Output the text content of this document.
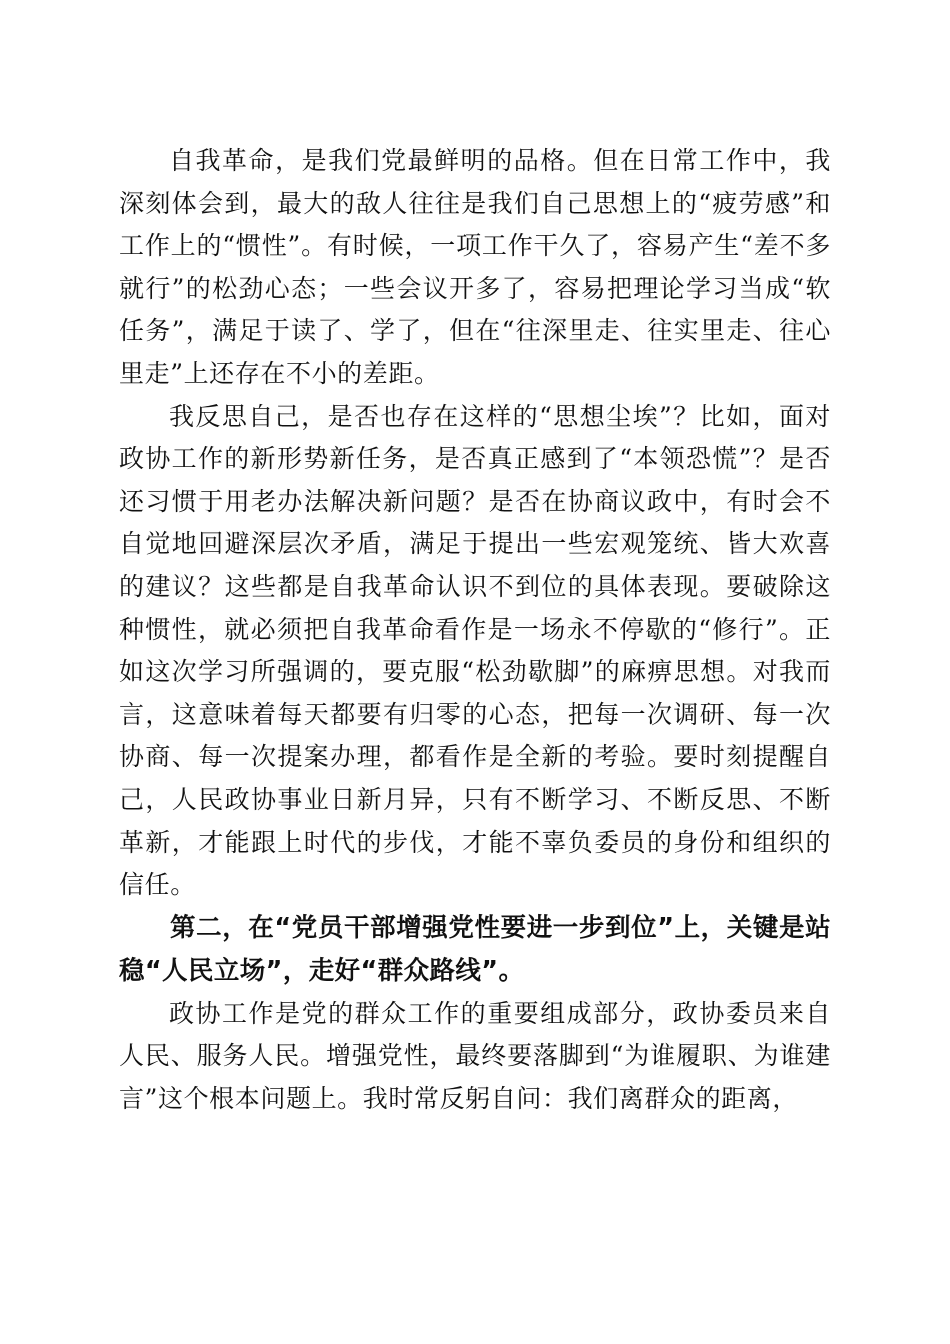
自我革命，是我们党最鲜明的品格。但在日常工作中，我深刻体会到，最大的敌人往往是我们自己思想上的“疲劳感”和工作上的“惯性”。有时候，一项工作干久了，容易产生“差不多就行”的松劲心态；一些会议开多了，容易把理论学习当成“软任务”，满足于读了、学了，但在“往深里走、往实里走、往心里走”上还存在不小的差距。

我反思自己，是否也存在这样的“思想尘埃”？比如，面对政协工作的新形势新任务，是否真正感到了“本领恐慌”？是否还习惯于用老办法解决新问题？是否在协商议政中，有时会不自觉地回避深层次矛盾，满足于提出一些宏观笼统、皆大欢喜的建议？这些都是自我革命认识不到位的具体表现。要破除这种惯性，就必须把自我革命看作是一场永不停歇的“修行”。正如这次学习所强调的，要克服“松劲歇脚”的麻痹思想。对我而言，这意味着每天都要有归零的心态，把每一次调研、每一次协商、每一次提案办理，都看作是全新的考验。要时刻提醒自己，人民政协事业日新月异，只有不断学习、不断反思、不断革新，才能跟上时代的步伐，才能不辜负委员的身份和组织的信任。

第二，在“党员干部增强党性要进一步到位”上，关键是站稳“人民立场”，走好“群众路线”。

政协工作是党的群众工作的重要组成部分，政协委员来自人民、服务人民。增强党性，最终要落脚到“为谁履职、为谁建言”这个根本问题上。我时常反躬自问：我们离群众的距离，
